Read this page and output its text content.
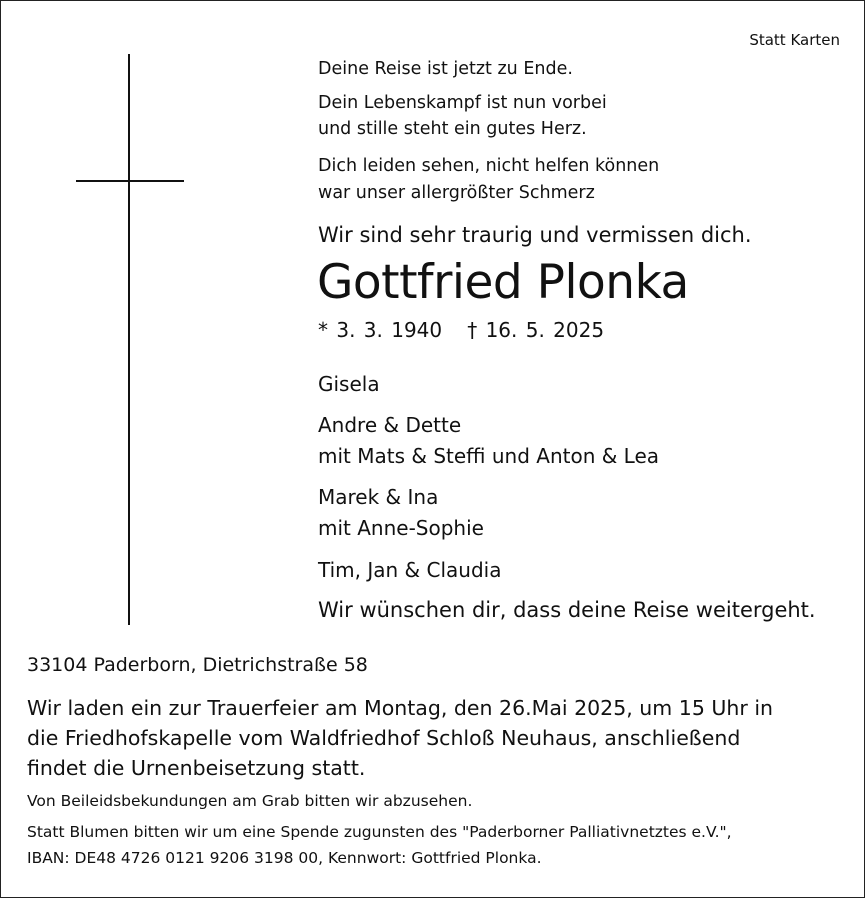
Statt Karten
Deine Reise ist jetzt zu Ende.
Dein Lebenskampf ist nun vorbei
und stille steht ein gutes Herz.
Dich leiden sehen, nicht helfen können
war unser allergrößter Schmerz
Wir sind sehr traurig und vermissen dich.
Gottfried Plonka
* 3. 3. 1940   † 16. 5. 2025
Gisela
Andre & Dette
mit Mats & Steffi und Anton & Lea
Marek & Ina
mit Anne-Sophie
Tim, Jan & Claudia
Wir wünschen dir, dass deine Reise weitergeht.
33104 Paderborn, Dietrichstraße 58
Wir laden ein zur Trauerfeier am Montag, den 26.Mai 2025, um 15 Uhr in
die Friedhofskapelle vom Waldfriedhof Schloß Neuhaus, anschließend
findet die Urnenbeisetzung statt.
Von Beileidsbekundungen am Grab bitten wir abzusehen.
Statt Blumen bitten wir um eine Spende zugunsten des "Paderborner Palliativnetztes e.V.",
IBAN: DE48 4726 0121 9206 3198 00, Kennwort: Gottfried Plonka.
